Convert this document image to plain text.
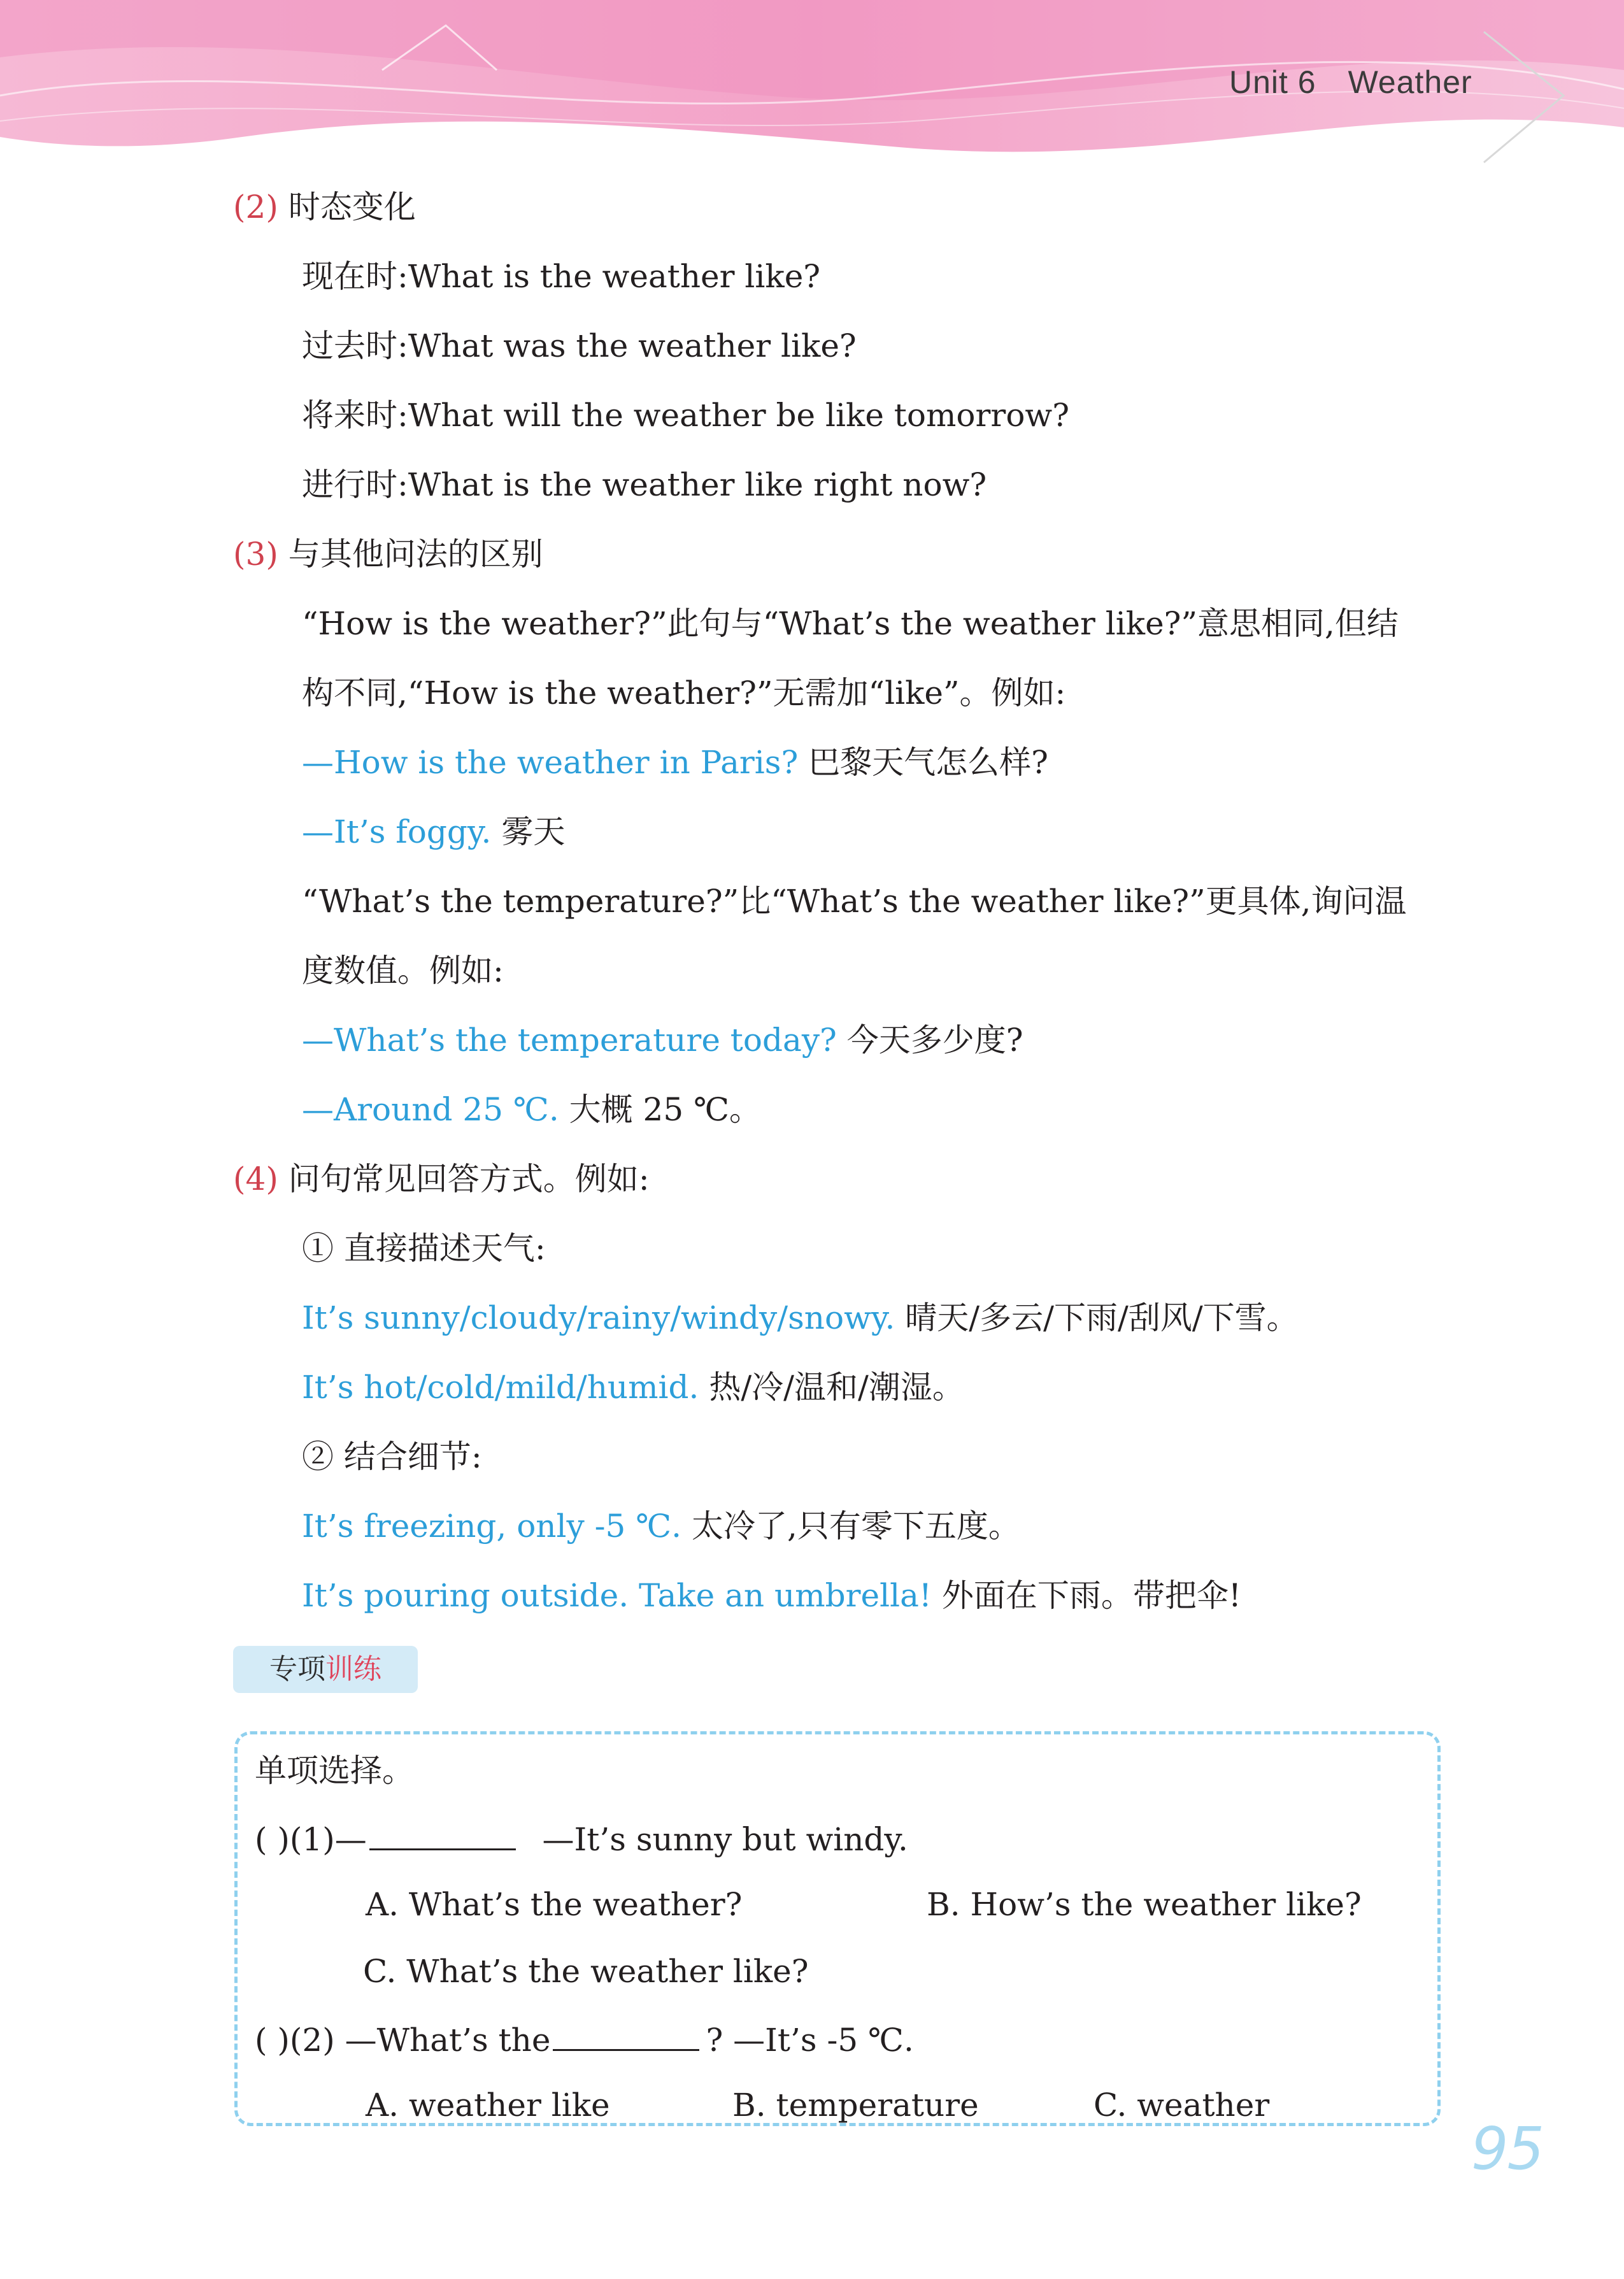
Unit 6 Weather
(2) 时态变化
现在时:What is the weather like?
过去时:What was the weather like?
将来时:What will the weather be like tomorrow?
进行时:What is the weather like right now?
(3) 与其他问法的区别
“How is the weather?”此句与“What’s the weather like?”意思相同,但结
构不同,“How is the weather?”无需加“like”。例如:
—How is the weather in Paris? 巴黎天气怎么样?
—It’s foggy. 雾天
“What’s the temperature?”比“What’s the weather like?”更具体,询问温
度数值。例如:
—What’s the temperature today? 今天多少度?
—Around 25 ℃. 大概 25 ℃。
(4) 问句常见回答方式。例如:
① 直接描述天气:
It’s sunny/cloudy/rainy/windy/snowy. 晴天/多云/下雨/刮风/下雪。
It’s hot/cold/mild/humid. 热/冷/温和/潮湿。
② 结合细节:
It’s freezing, only -5 ℃. 太冷了,只有零下五度。
It’s pouring outside. Take an umbrella! 外面在下雨。带把伞!
专项训练
单项选择。
( )(1)—	—It’s sunny but windy.
A. What’s the weather?	B. How’s the weather like?
C. What’s the weather like?
( )(2) —What’s the	? —It’s -5 ℃.
A. weather like	B. temperature	C. weather
95
